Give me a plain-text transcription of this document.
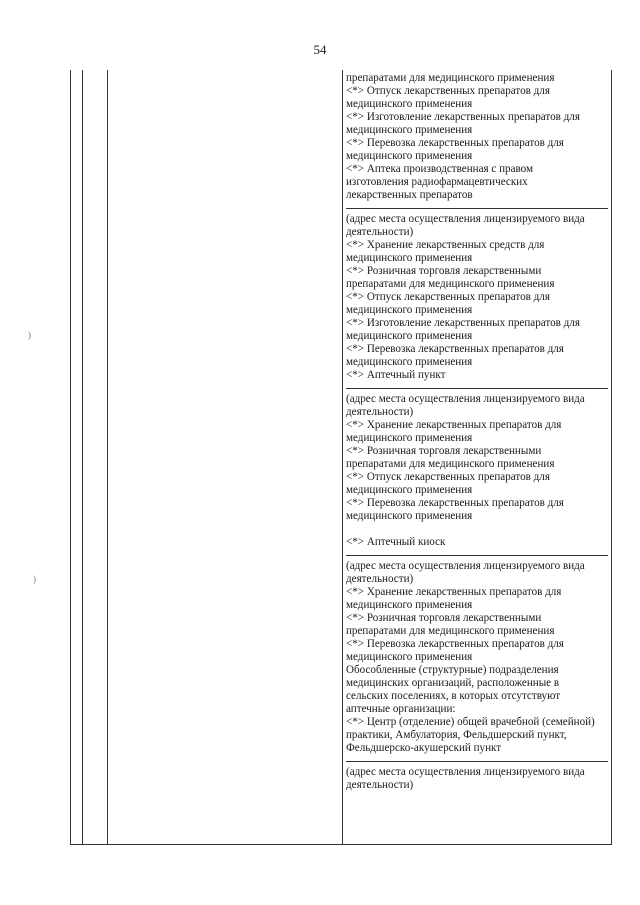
54
препаратами для медицинского применения
<*> Отпуск лекарственных препаратов для
медицинского применения
<*> Изготовление лекарственных препаратов для
медицинского применения
<*> Перевозка лекарственных препаратов для
медицинского применения
<*> Аптека производственная с правом
изготовления радиофармацевтических
лекарственных препаратов
(адрес места осуществления лицензируемого вида
деятельности)
<*> Хранение лекарственных средств для
медицинского применения
<*> Розничная торговля лекарственными
препаратами для медицинского применения
<*> Отпуск лекарственных препаратов для
медицинского применения
<*> Изготовление лекарственных препаратов для
медицинского применения
<*> Перевозка лекарственных препаратов для
медицинского применения
<*> Аптечный пункт
(адрес места осуществления лицензируемого вида
деятельности)
<*> Хранение лекарственных препаратов для
медицинского применения
<*> Розничная торговля лекарственными
препаратами для медицинского применения
<*> Отпуск лекарственных препаратов для
медицинского применения
<*> Перевозка лекарственных препаратов для
медицинского применения
<*> Аптечный киоск
(адрес места осуществления лицензируемого вида
деятельности)
<*> Хранение лекарственных препаратов для
медицинского применения
<*> Розничная торговля лекарственными
препаратами для медицинского применения
<*> Перевозка лекарственных препаратов для
медицинского применения
Обособленные (структурные) подразделения
медицинских организаций, расположенные в
сельских поселениях, в которых отсутствуют
аптечные организации:
<*> Центр (отделение) общей врачебной (семейной)
практики, Амбулатория, Фельдшерский пункт,
Фельдшерско-акушерский пункт
(адрес места осуществления лицензируемого вида
деятельности)
)
)
